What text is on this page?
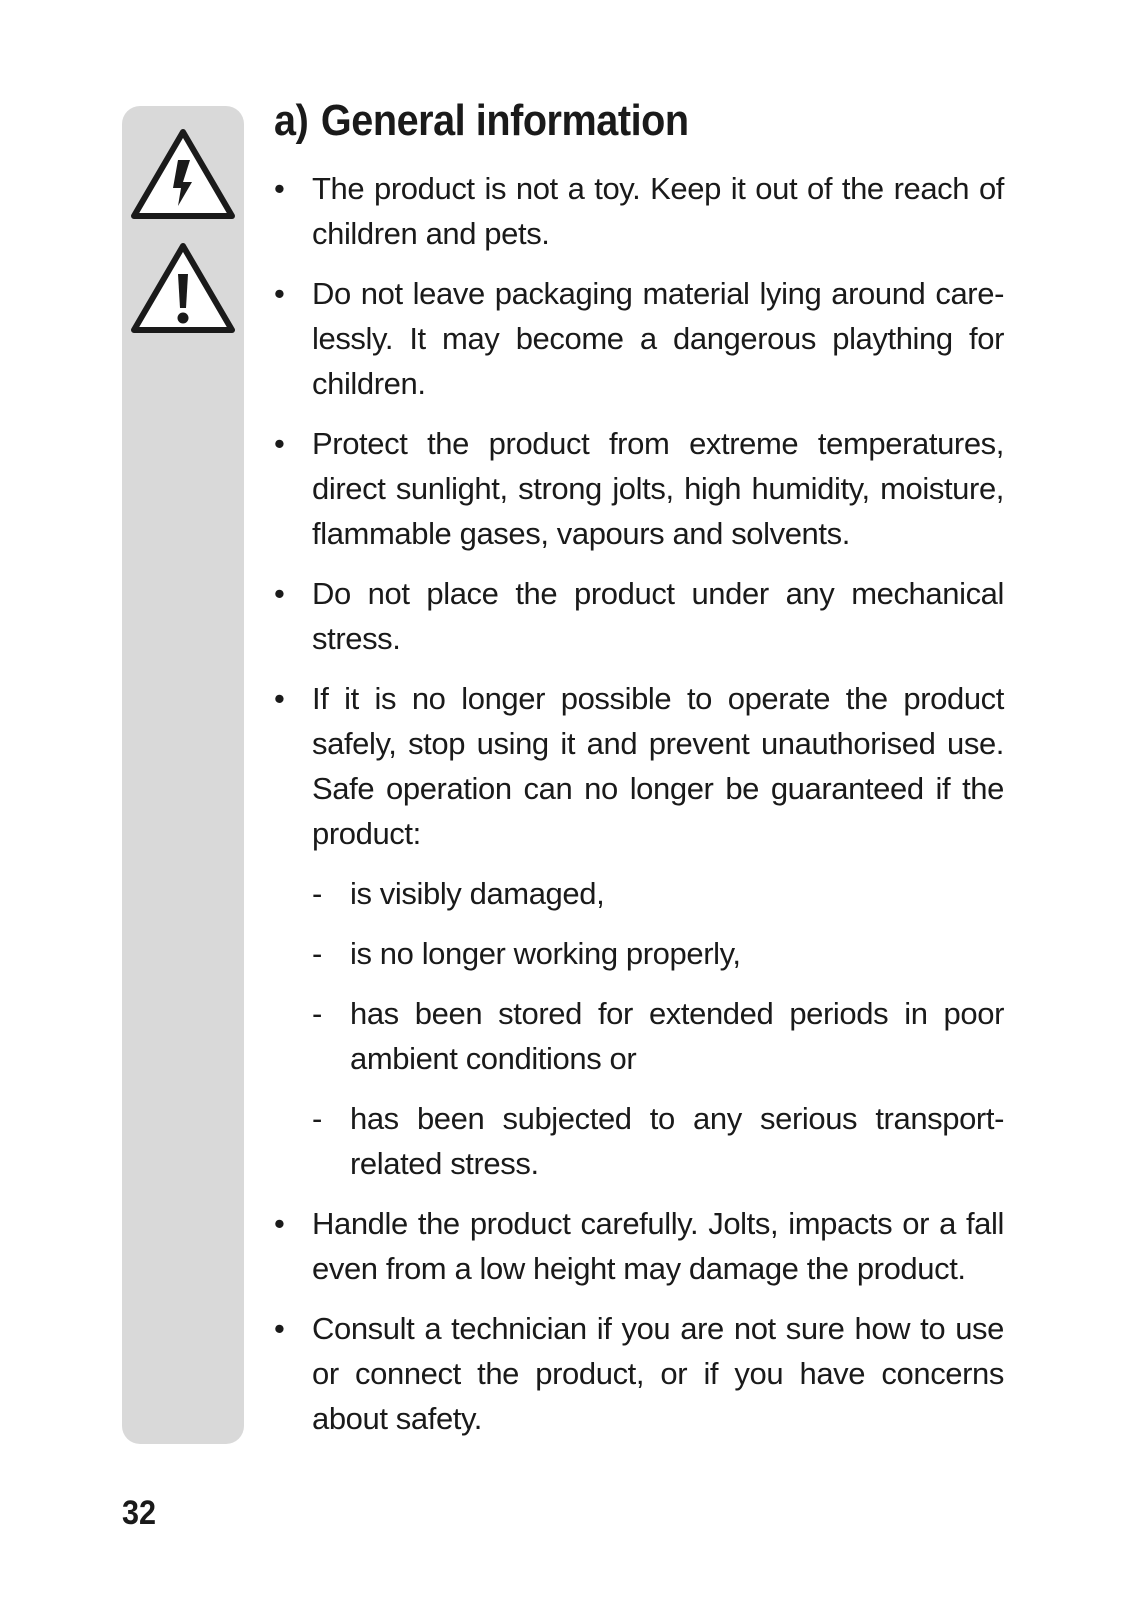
a) General information
• The product is not a toy. Keep it out of the reach of children and pets.
• Do not leave packaging material lying around care-lessly. It may become a dangerous plaything for children.
• Protect the product from extreme temperatures, direct sunlight, strong jolts, high humidity, moisture, flammable gases, vapours and solvents.
• Do not place the product under any mechanical stress.
• If it is no longer possible to operate the product safely, stop using it and prevent unauthorised use. Safe operation can no longer be guaranteed if the product:
- is visibly damaged,
- is no longer working properly,
- has been stored for extended periods in poor ambient conditions or
- has been subjected to any serious transport-related stress.
• Handle the product carefully. Jolts, impacts or a fall even from a low height may damage the product.
• Consult a technician if you are not sure how to use or connect the product, or if you have concerns about safety.
32
